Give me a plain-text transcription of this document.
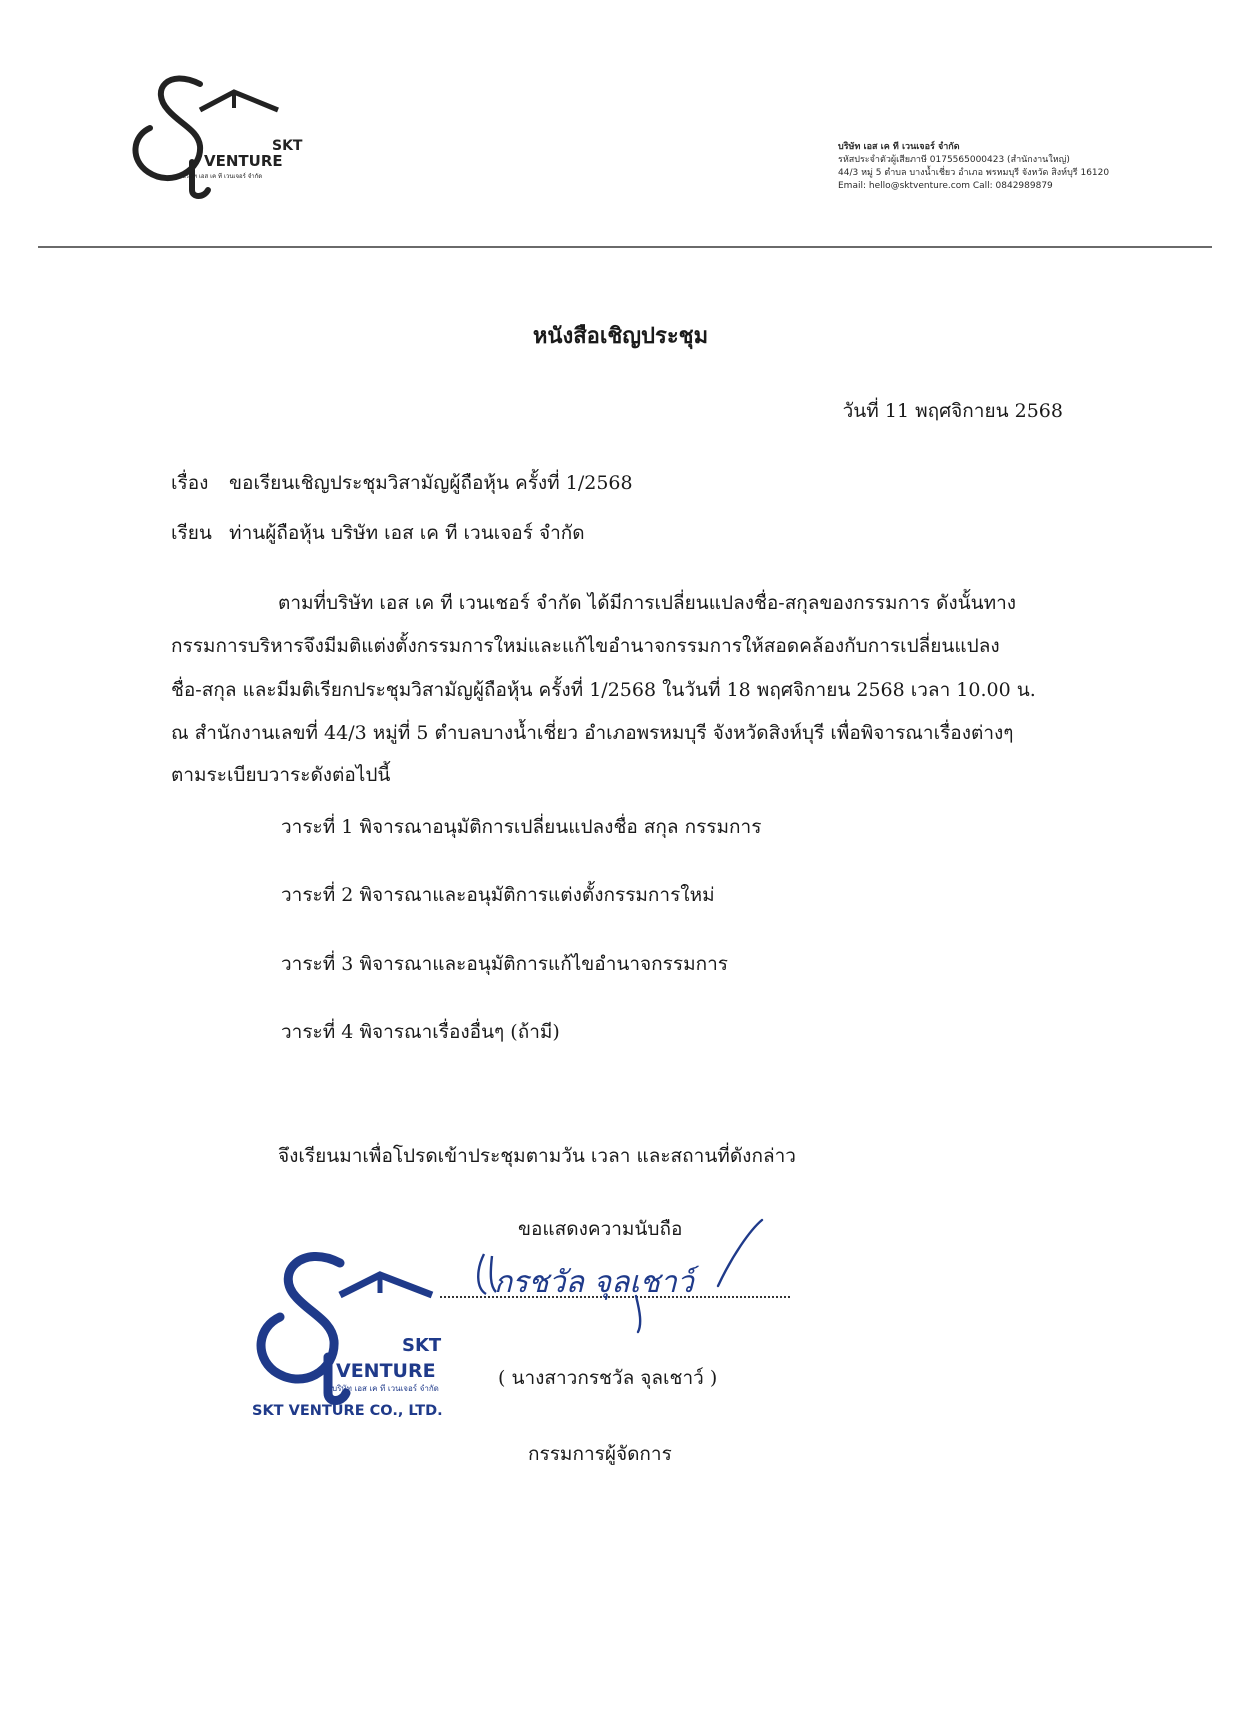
SKT
VENTURE
บริษัท เอส เค ที เวนเจอร์ จำกัด
บริษัท เอส เค ที เวนเจอร์ จำกัด
รหัสประจำตัวผู้เสียภาษี 0175565000423 (สำนักงานใหญ่)
44/3 หมู่ 5 ตำบล บางน้ำเชี่ยว อำเภอ พรหมบุรี จังหวัด สิงห์บุรี 16120
Email: hello@sktventure.com Call: 0842989879
หนังสือเชิญประชุม
วันที่ 11 พฤศจิกายน 2568
เรื่อง ขอเรียนเชิญประชุมวิสามัญผู้ถือหุ้น ครั้งที่ 1/2568
เรียน ท่านผู้ถือหุ้น บริษัท เอส เค ที เวนเจอร์ จำกัด
ตามที่บริษัท เอส เค ที เวนเชอร์ จำกัด ได้มีการเปลี่ยนแปลงชื่อ-สกุลของกรรมการ ดังนั้นทาง
กรรมการบริหารจึงมีมติแต่งตั้งกรรมการใหม่และแก้ไขอำนาจกรรมการให้สอดคล้องกับการเปลี่ยนแปลง
ชื่อ-สกุล และมีมติเรียกประชุมวิสามัญผู้ถือหุ้น ครั้งที่ 1/2568 ในวันที่ 18 พฤศจิกายน 2568 เวลา 10.00 น.
ณ สำนักงานเลขที่ 44/3 หมู่ที่ 5 ตำบลบางน้ำเชี่ยว อำเภอพรหมบุรี จังหวัดสิงห์บุรี เพื่อพิจารณาเรื่องต่างๆ
ตามระเบียบวาระดังต่อไปนี้
วาระที่ 1 พิจารณาอนุมัติการเปลี่ยนแปลงชื่อ สกุล กรรมการ
วาระที่ 2 พิจารณาและอนุมัติการแต่งตั้งกรรมการใหม่
วาระที่ 3 พิจารณาและอนุมัติการแก้ไขอำนาจกรรมการ
วาระที่ 4 พิจารณาเรื่องอื่นๆ (ถ้ามี)
จึงเรียนมาเพื่อโปรดเข้าประชุมตามวัน เวลา และสถานที่ดังกล่าว
ขอแสดงความนับถือ
กรชวัล จุลเชาว์
SKT
VENTURE
บริษัท เอส เค ที เวนเจอร์ จำกัด
SKT VENTURE CO., LTD.
( นางสาวกรชวัล จุลเชาว์ )
กรรมการผู้จัดการ
